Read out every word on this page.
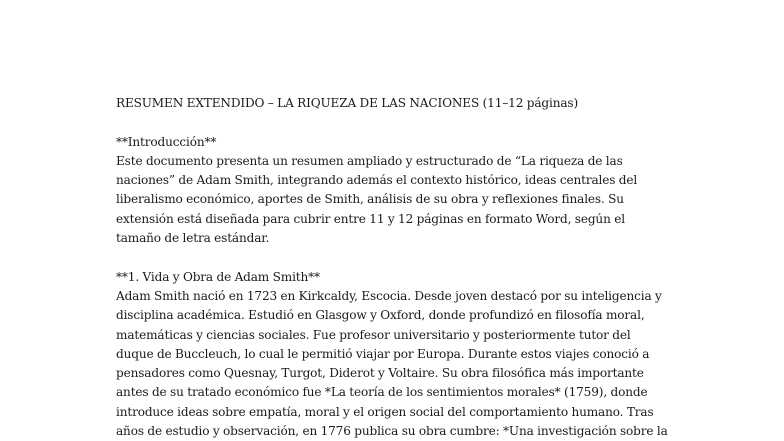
RESUMEN EXTENDIDO – LA RIQUEZA DE LAS NACIONES (11–12 páginas)
**Introducción**
Este documento presenta un resumen ampliado y estructurado de “La riqueza de las
naciones” de Adam Smith, integrando además el contexto histórico, ideas centrales del
liberalismo económico, aportes de Smith, análisis de su obra y reflexiones finales. Su
extensión está diseñada para cubrir entre 11 y 12 páginas en formato Word, según el
tamaño de letra estándar.
**1. Vida y Obra de Adam Smith**
Adam Smith nació en 1723 en Kirkcaldy, Escocia. Desde joven destacó por su inteligencia y
disciplina académica. Estudió en Glasgow y Oxford, donde profundizó en filosofía moral,
matemáticas y ciencias sociales. Fue profesor universitario y posteriormente tutor del
duque de Buccleuch, lo cual le permitió viajar por Europa. Durante estos viajes conoció a
pensadores como Quesnay, Turgot, Diderot y Voltaire. Su obra filosófica más importante
antes de su tratado económico fue *La teoría de los sentimientos morales* (1759), donde
introduce ideas sobre empatía, moral y el origen social del comportamiento humano. Tras
años de estudio y observación, en 1776 publica su obra cumbre: *Una investigación sobre la
